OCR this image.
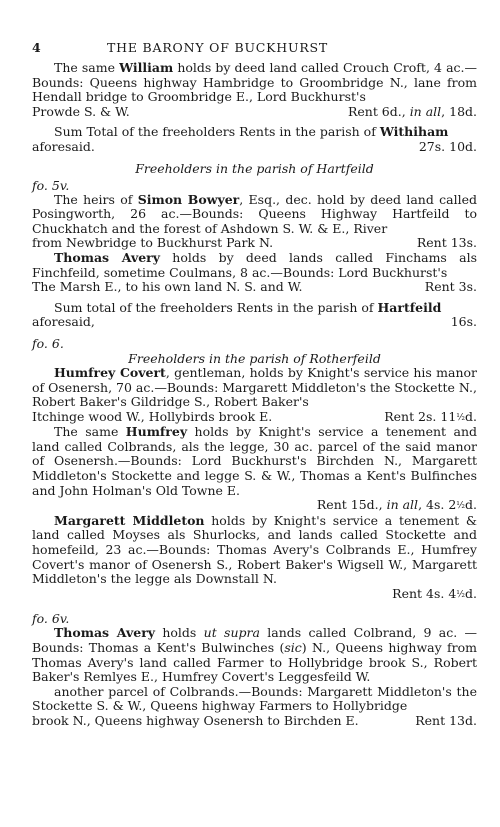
4	THE BARONY OF BUCKHURST

The same William holds by deed land called Crouch Croft, 4 ac.—Bounds: Queens highway Hambridge to Groombridge N., lane from Hendall bridge to Groombridge E., Lord Buckhurst's

Prowde S. & W.	Rent 6d., in all, 18d.

Sum Total of the freeholders Rents in the parish of Withiham

aforesaid.	27s. 10d.

Freeholders in the parish of Hartfeild
fo. 5v.

The heirs of Simon Bowyer, Esq., dec. hold by deed land called Posingworth, 26 ac.—Bounds: Queens Highway Hartfeild to Chuckhatch and the forest of Ashdown S. W. & E., River

from Newbridge to Buckhurst Park N.	Rent 13s.

Thomas Avery holds by deed lands called Finchams als Finchfeild, sometime Coulmans, 8 ac.—Bounds: Lord Buckhurst's

The Marsh E., to his own land N. S. and W.	Rent 3s.

Sum total of the freeholders Rents in the parish of Hartfeild

aforesaid,	16s.

fo. 6.
Freeholders in the parish of Rotherfeild

Humfrey Covert, gentleman, holds by Knight's service his manor of Osenersh, 70 ac.—Bounds: Margarett Middleton's the Stockette N., Robert Baker's Gildridge S., Robert Baker's

Itchinge wood W., Hollybirds brook E.	Rent 2s. 11½d.

The same Humfrey holds by Knight's service a tenement and land called Colbrands, als the legge, 30 ac. parcel of the said manor of Osenersh.—Bounds: Lord Buckhurst's Birchden N., Margarett Middleton's Stockette and legge S. & W., Thomas a Kent's Bulfinches and John Holman's Old Towne E.

Rent 15d., in all, 4s. 2½d.

Margarett Middleton holds by Knight's service a tenement & land called Moyses als Shurlocks, and lands called Stockette and homefeild, 23 ac.—Bounds: Thomas Avery's Colbrands E., Humfrey Covert's manor of Osenersh S., Robert Baker's Wigsell W., Margarett Middleton's the legge als Downstall N.

Rent 4s. 4½d.

fo. 6v.

Thomas Avery holds ut supra lands called Colbrand, 9 ac. —Bounds: Thomas a Kent's Bulwinches (sic) N., Queens highway from Thomas Avery's land called Farmer to Hollybridge brook S., Robert Baker's Remlyes E., Humfrey Covert's Leggesfeild W.

another parcel of Colbrands.—Bounds: Margarett Middleton's the Stockette S. & W., Queens highway Farmers to Hollybridge

brook N., Queens highway Osenersh to Birchden E.	Rent 13d.
